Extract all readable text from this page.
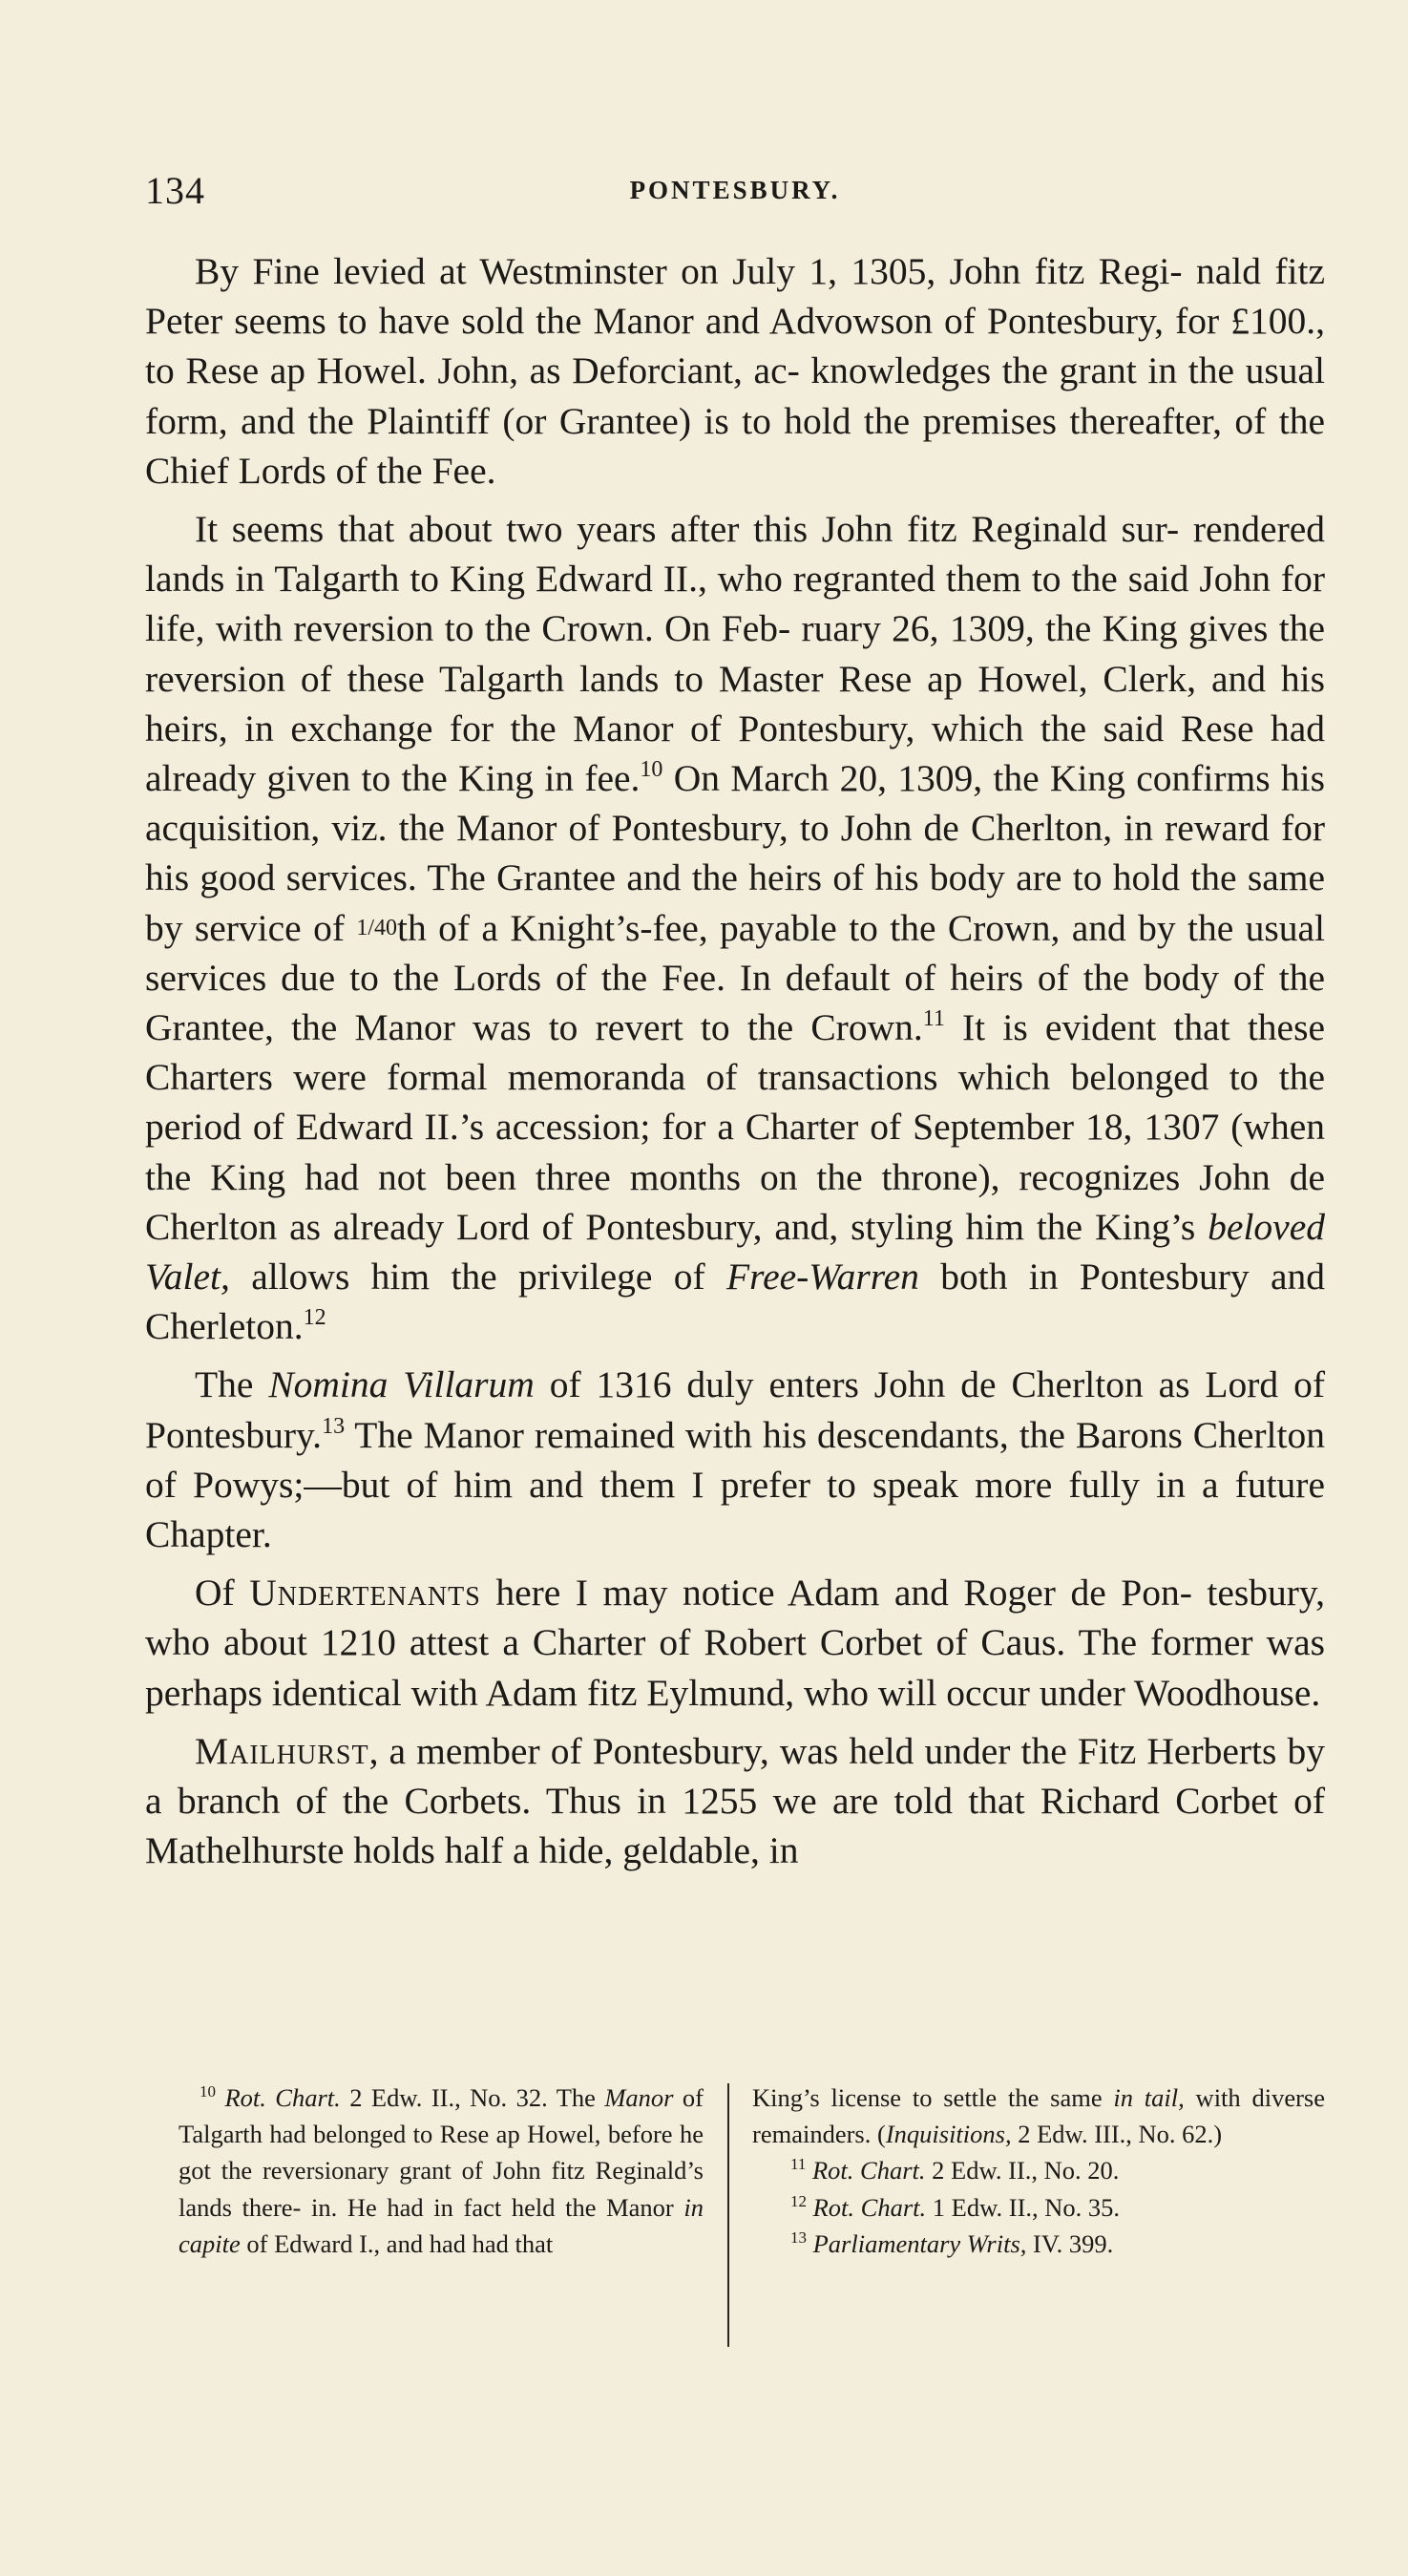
134	PONTESBURY.

By Fine levied at Westminster on July 1, 1305, John fitz Regi- nald fitz Peter seems to have sold the Manor and Advowson of Pontesbury, for £100., to Rese ap Howel. John, as Deforciant, ac- knowledges the grant in the usual form, and the Plaintiff (or Grantee) is to hold the premises thereafter, of the Chief Lords of the Fee.

It seems that about two years after this John fitz Reginald sur- rendered lands in Talgarth to King Edward II., who regranted them to the said John for life, with reversion to the Crown. On Feb- ruary 26, 1309, the King gives the reversion of these Talgarth lands to Master Rese ap Howel, Clerk, and his heirs, in exchange for the Manor of Pontesbury, which the said Rese had already given to the King in fee.$^{10}$ On March 20, 1309, the King confirms his acquisition, viz. the Manor of Pontesbury, to John de Cherlton, in reward for his good services. The Grantee and the heirs of his body are to hold the same by service of 1/40th of a Knight’s-fee, payable to the Crown, and by the usual services due to the Lords of the Fee. In default of heirs of the body of the Grantee, the Manor was to revert to the Crown.$^{11}$ It is evident that these Charters were formal memoranda of transactions which belonged to the period of Edward II.’s accession; for a Charter of September 18, 1307 (when the King had not been three months on the throne), recognizes John de Cherlton as already Lord of Pontesbury, and, styling him the King’s beloved Valet, allows him the privilege of Free-Warren both in Pontesbury and Cherleton.$^{12}$

The Nomina Villarum of 1316 duly enters John de Cherlton as Lord of Pontesbury.$^{13}$ The Manor remained with his descendants, the Barons Cherlton of Powys;—but of him and them I prefer to speak more fully in a future Chapter.

Of Undertenants here I may notice Adam and Roger de Pon- tesbury, who about 1210 attest a Charter of Robert Corbet of Caus. The former was perhaps identical with Adam fitz Eylmund, who will occur under Woodhouse.

Mailhurst, a member of Pontesbury, was held under the Fitz Herberts by a branch of the Corbets. Thus in 1255 we are told that Richard Corbet of Mathelhurste holds half a hide, geldable, in

$^{10}$ Rot. Chart. 2 Edw. II., No. 32. The Manor of Talgarth had belonged to Rese ap Howel, before he got the reversionary grant of John fitz Reginald’s lands there- in. He had in fact held the Manor in capite of Edward I., and had had that

King’s license to settle the same in tail, with diverse remainders. (Inquisitions, 2 Edw. III., No. 62.)

$^{11}$ Rot. Chart. 2 Edw. II., No. 20.

$^{12}$ Rot. Chart. 1 Edw. II., No. 35.

$^{13}$ Parliamentary Writs, IV. 399.
